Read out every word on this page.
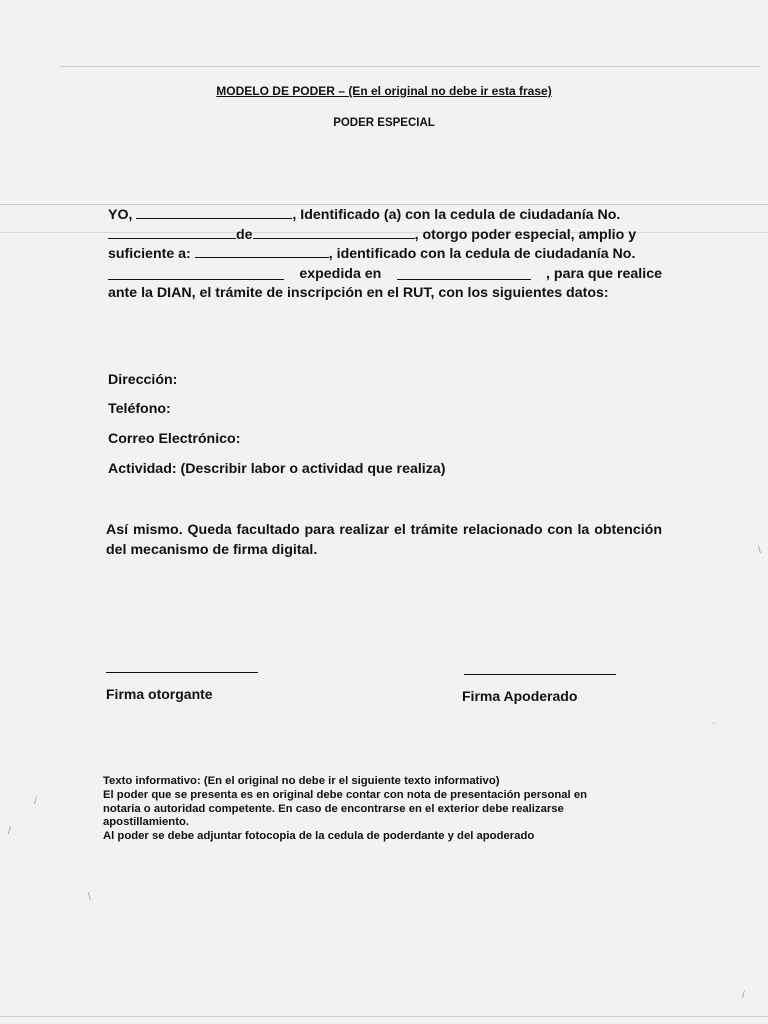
MODELO DE PODER – (En el original no debe ir esta frase)
PODER ESPECIAL
YO,	, Identificado (a) con la cedula de ciudadanía No.
de	, otorgo poder especial, amplio y
suficiente a:	, identificado con la cedula de ciudadanía No.
expedida en	, para que realice
ante la DIAN, el trámite de inscripción en el RUT, con los siguientes datos:
Dirección:
Teléfono:
Correo Electrónico:
Actividad: (Describir labor o actividad que realiza)
Así mismo. Queda facultado para realizar el trámite relacionado con la obtención del mecanismo de firma digital.
Firma otorgante	Firma Apoderado
Texto informativo: (En el original no debe ir el siguiente texto informativo)
El poder que se presenta es en original debe contar con nota de presentación personal en
notaria o autoridad competente. En caso de encontrarse en el exterior debe realizarse
apostillamiento.
Al poder se debe adjuntar fotocopia de la cedula de poderdante y del apoderado
/
/
\
\
·
/
